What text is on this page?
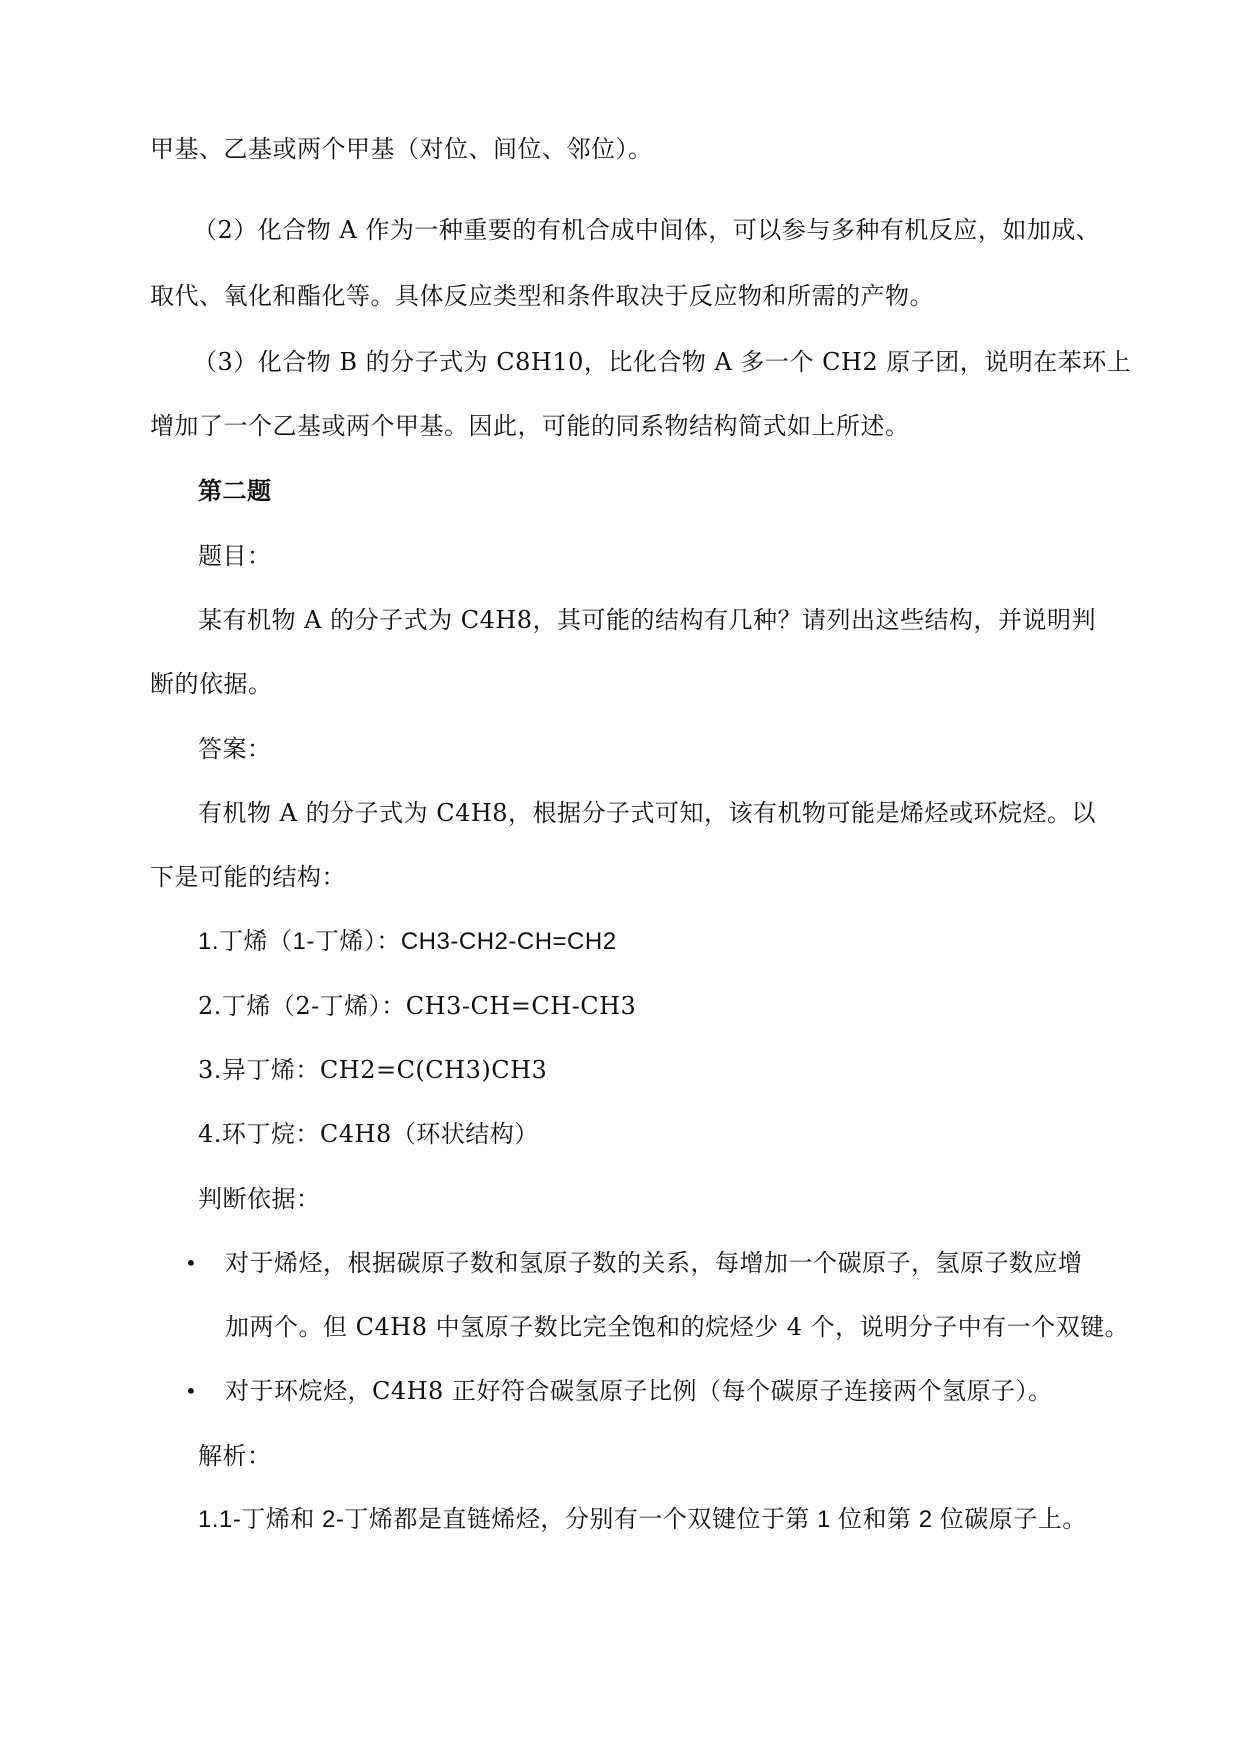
甲基、乙基或两个甲基（对位、间位、邻位）。
（2）化合物 A 作为一种重要的有机合成中间体，可以参与多种有机反应，如加成、
取代、氧化和酯化等。具体反应类型和条件取决于反应物和所需的产物。
（3）化合物 B 的分子式为 C8H10，比化合物 A 多一个 CH2 原子团，说明在苯环上
增加了一个乙基或两个甲基。因此，可能的同系物结构简式如上所述。
第二题
题目：
某有机物 A 的分子式为 C4H8，其可能的结构有几种？请列出这些结构，并说明判
断的依据。
答案：
有机物 A 的分子式为 C4H8，根据分子式可知，该有机物可能是烯烃或环烷烃。以
下是可能的结构：
1.丁烯（1-丁烯）：CH3-CH2-CH=CH2
2.丁烯（2-丁烯）：CH3-CH=CH-CH3
3.异丁烯：CH2=C(CH3)CH3
4.环丁烷：C4H8（环状结构）
判断依据：
• 对于烯烃，根据碳原子数和氢原子数的关系，每增加一个碳原子，氢原子数应增
加两个。但 C4H8 中氢原子数比完全饱和的烷烃少 4 个，说明分子中有一个双键。
• 对于环烷烃，C4H8 正好符合碳氢原子比例（每个碳原子连接两个氢原子）。
解析：
1.1-丁烯和 2-丁烯都是直链烯烃，分别有一个双键位于第 1 位和第 2 位碳原子上。
